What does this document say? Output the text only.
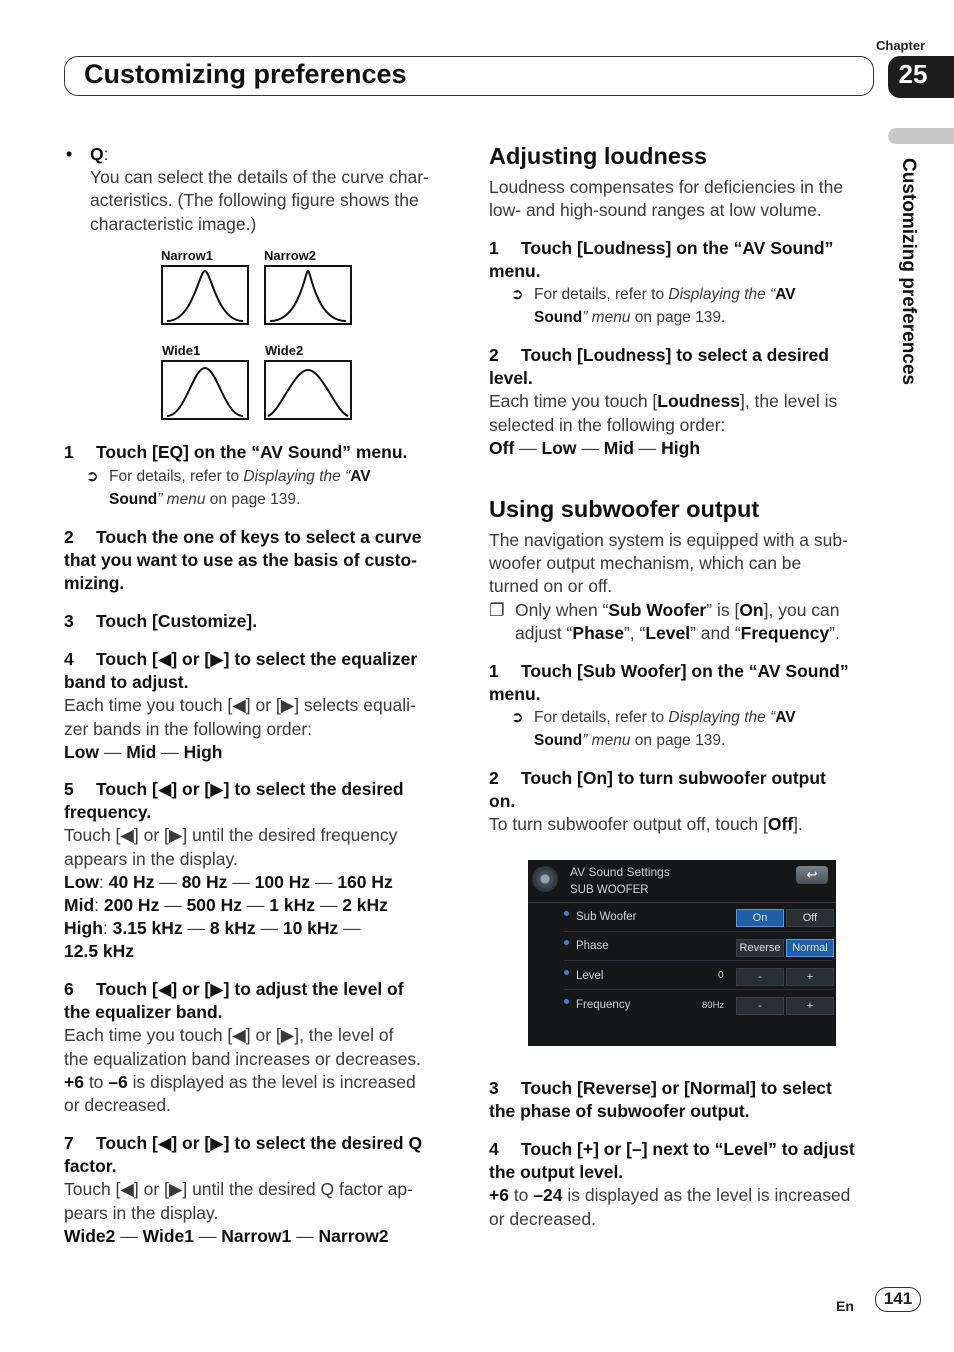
Chapter
Customizing preferences	25
Customizing preferences
• Q:
You can select the details of the curve char-
acteristics. (The following figure shows the
characteristic image.)
Narrow1	Narrow2
Wide1	Wide2
1 Touch [EQ] on the “AV Sound” menu.
➲ For details, refer to Displaying the “AV
Sound” menu on page 139.
2 Touch the one of keys to select a curve
that you want to use as the basis of custo-
mizing.
3 Touch [Customize].
4 Touch [◀] or [▶] to select the equalizer
band to adjust.
Each time you touch [◀] or [▶] selects equali-
zer bands in the following order:
Low — Mid — High
5 Touch [◀] or [▶] to select the desired
frequency.
Touch [◀] or [▶] until the desired frequency
appears in the display.
Low: 40 Hz — 80 Hz — 100 Hz — 160 Hz
Mid: 200 Hz — 500 Hz — 1 kHz — 2 kHz
High: 3.15 kHz — 8 kHz — 10 kHz —
12.5 kHz
6 Touch [◀] or [▶] to adjust the level of
the equalizer band.
Each time you touch [◀] or [▶], the level of
the equalization band increases or decreases.
+6 to –6 is displayed as the level is increased
or decreased.
7 Touch [◀] or [▶] to select the desired Q
factor.
Touch [◀] or [▶] until the desired Q factor ap-
pears in the display.
Wide2 — Wide1 — Narrow1 — Narrow2
Adjusting loudness
Loudness compensates for deficiencies in the
low- and high-sound ranges at low volume.
1 Touch [Loudness] on the “AV Sound”
menu.
➲ For details, refer to Displaying the “AV
Sound” menu on page 139.
2 Touch [Loudness] to select a desired
level.
Each time you touch [Loudness], the level is
selected in the following order:
Off — Low — Mid — High
Using subwoofer output
The navigation system is equipped with a sub-
woofer output mechanism, which can be
turned on or off.
❐ Only when “Sub Woofer” is [On], you can
adjust “Phase”, “Level” and “Frequency”.
1 Touch [Sub Woofer] on the “AV Sound”
menu.
➲ For details, refer to Displaying the “AV
Sound” menu on page 139.
2 Touch [On] to turn subwoofer output
on.
To turn subwoofer output off, touch [Off].
AV Sound Settings
SUB WOOFER
↩
Sub Woofer	On	Off
Phase	Reverse	Normal
Level	0	-	+
Frequency	80Hz	-	+
3 Touch [Reverse] or [Normal] to select
the phase of subwoofer output.
4 Touch [+] or [–] next to “Level” to adjust
the output level.
+6 to –24 is displayed as the level is increased
or decreased.
En	141
